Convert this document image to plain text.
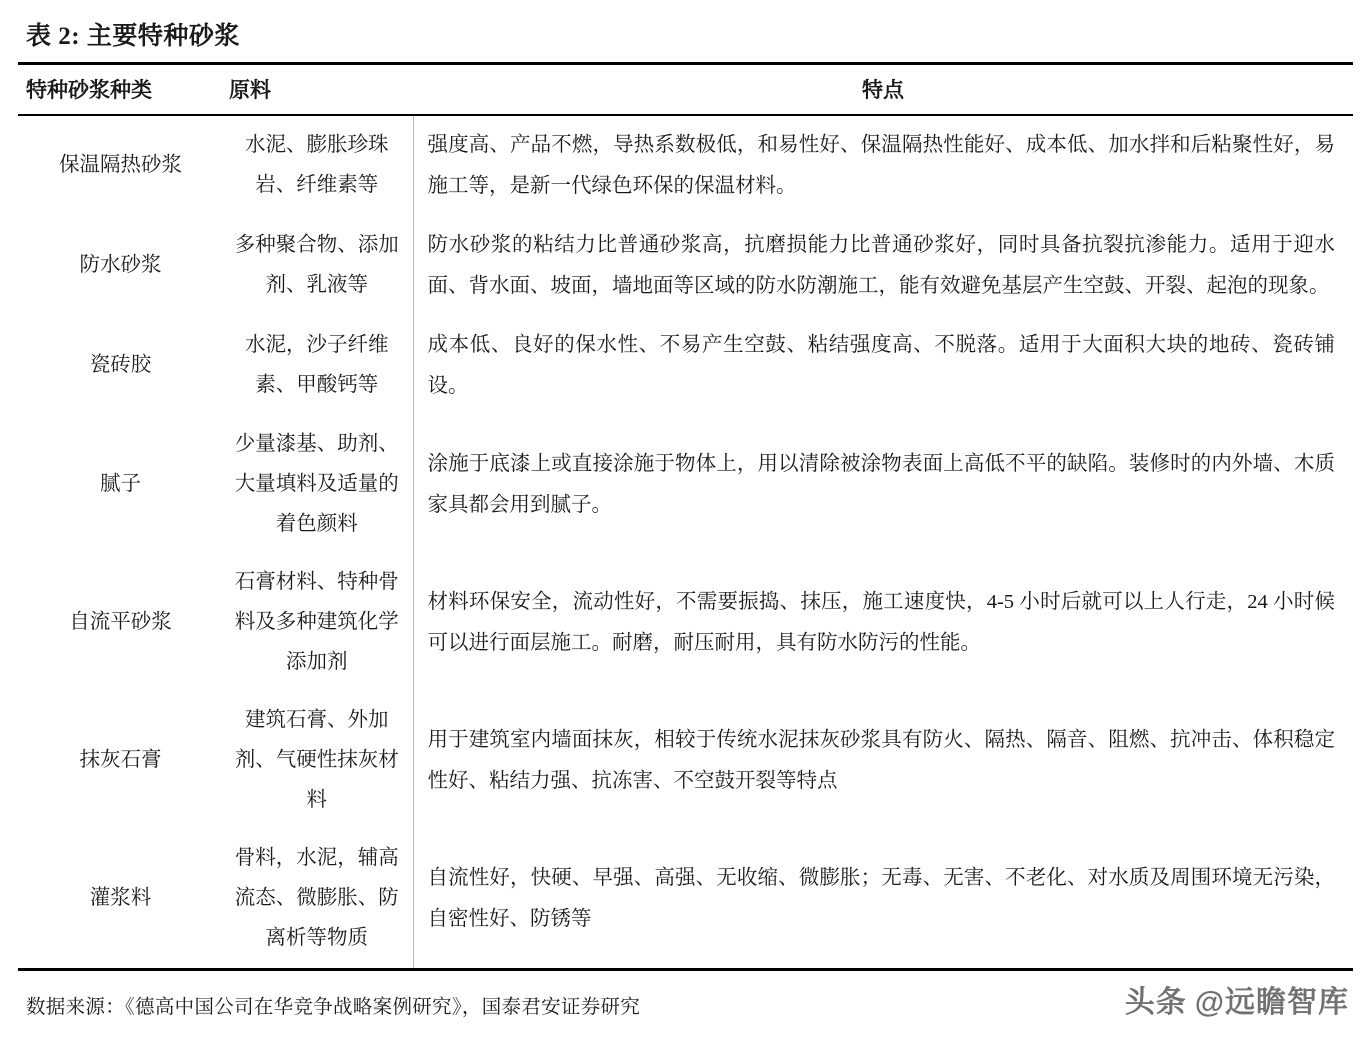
表 2: 主要特种砂浆
特种砂浆种类	原料	特点
保温隔热砂浆	水泥、膨胀珍珠岩、纤维素等	强度高、产品不燃，导热系数极低，和易性好、保温隔热性能好、成本低、加水拌和后粘聚性好，易施工等，是新一代绿色环保的保温材料。
防水砂浆	多种聚合物、添加剂、乳液等	防水砂浆的粘结力比普通砂浆高，抗磨损能力比普通砂浆好，同时具备抗裂抗渗能力。适用于迎水面、背水面、坡面，墙地面等区域的防水防潮施工，能有效避免基层产生空鼓、开裂、起泡的现象。
瓷砖胶	水泥，沙子纤维素、甲酸钙等	成本低、良好的保水性、不易产生空鼓、粘结强度高、不脱落。适用于大面积大块的地砖、瓷砖铺设。
腻子	少量漆基、助剂、大量填料及适量的着色颜料	涂施于底漆上或直接涂施于物体上，用以清除被涂物表面上高低不平的缺陷。装修时的内外墙、木质家具都会用到腻子。
自流平砂浆	石膏材料、特种骨料及多种建筑化学添加剂	材料环保安全，流动性好，不需要振捣、抹压，施工速度快，4-5 小时后就可以上人行走，24 小时候可以进行面层施工。耐磨，耐压耐用，具有防水防污的性能。
抹灰石膏	建筑石膏、外加剂、气硬性抹灰材料	用于建筑室内墙面抹灰，相较于传统水泥抹灰砂浆具有防火、隔热、隔音、阻燃、抗冲击、体积稳定性好、粘结力强、抗冻害、不空鼓开裂等特点
灌浆料	骨料，水泥，辅高流态、微膨胀、防离析等物质	自流性好，快硬、早强、高强、无收缩、微膨胀；无毒、无害、不老化、对水质及周围环境无污染，自密性好、防锈等
数据来源：《德高中国公司在华竞争战略案例研究》，国泰君安证券研究	头条 @远瞻智库
